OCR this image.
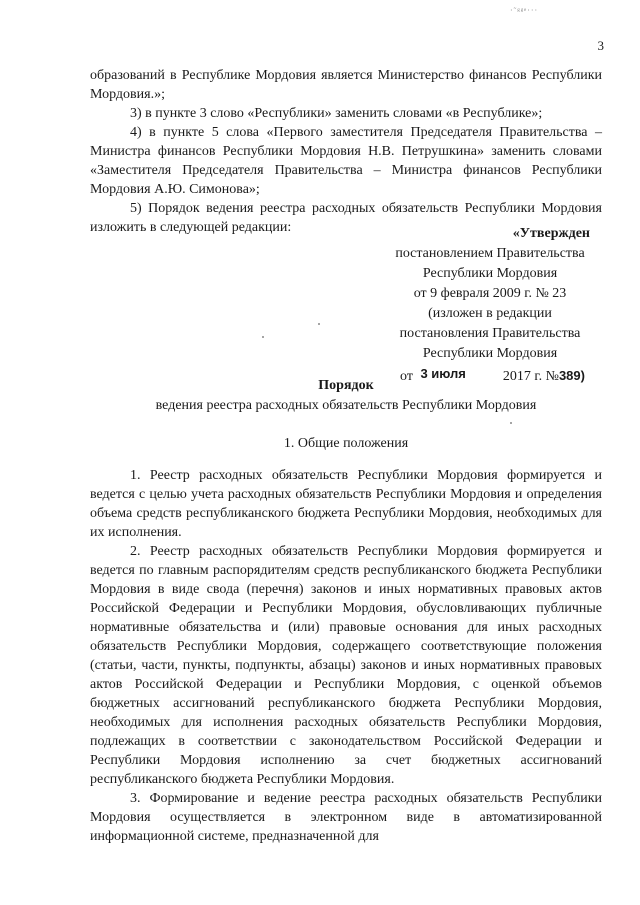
·˜ᵍᵍᵉ···
3

образований в Республике Мордовия является Министерство финансов Республики Мордовия.»;

3) в пункте 3 слово «Республики» заменить словами «в Республике»;

4) в пункте 5 слова «Первого заместителя Председателя Правительства – Министра финансов Республики Мордовия Н.В. Петрушкина» заменить словами «Заместителя Председателя Правительства – Министра финансов Республики Мордовия А.Ю. Симонова»;

5) Порядок ведения реестра расходных обязательств Республики Мордовия изложить в следующей редакции:	«Утвержден
постановлением Правительства
Республики Мордовия
от 9 февраля 2009 г. № 23
(изложен в редакции
постановления Правительства
Республики Мордовия
от 3 июля	2017 г. №389)
Порядок
ведения реестра расходных обязательств Республики Мордовия
1. Общие положения

1. Реестр расходных обязательств Республики Мордовия формируется и ведется с целью учета расходных обязательств Республики Мордовия и определения объема средств республиканского бюджета Республики Мордовия, необходимых для их исполнения.

2. Реестр расходных обязательств Республики Мордовия формируется и ведется по главным распорядителям средств республиканского бюджета Республики Мордовия в виде свода (перечня) законов и иных нормативных правовых актов Российской Федерации и Республики Мордовия, обусловливающих публичные нормативные обязательства и (или) правовые основания для иных расходных обязательств Республики Мордовия, содержащего соответствующие положения (статьи, части, пункты, подпункты, абзацы) законов и иных нормативных правовых актов Российской Федерации и Республики Мордовия, с оценкой объемов бюджетных ассигнований республиканского бюджета Республики Мордовия, необходимых для исполнения расходных обязательств Республики Мордовия, подлежащих в соответствии с законодательством Российской Федерации и Республики Мордовия исполнению за счет бюджетных ассигнований республиканского бюджета Республики Мордовия.

3. Формирование и ведение реестра расходных обязательств Республики Мордовия осуществляется в электронном виде в автоматизированной информационной системе, предназначенной для
